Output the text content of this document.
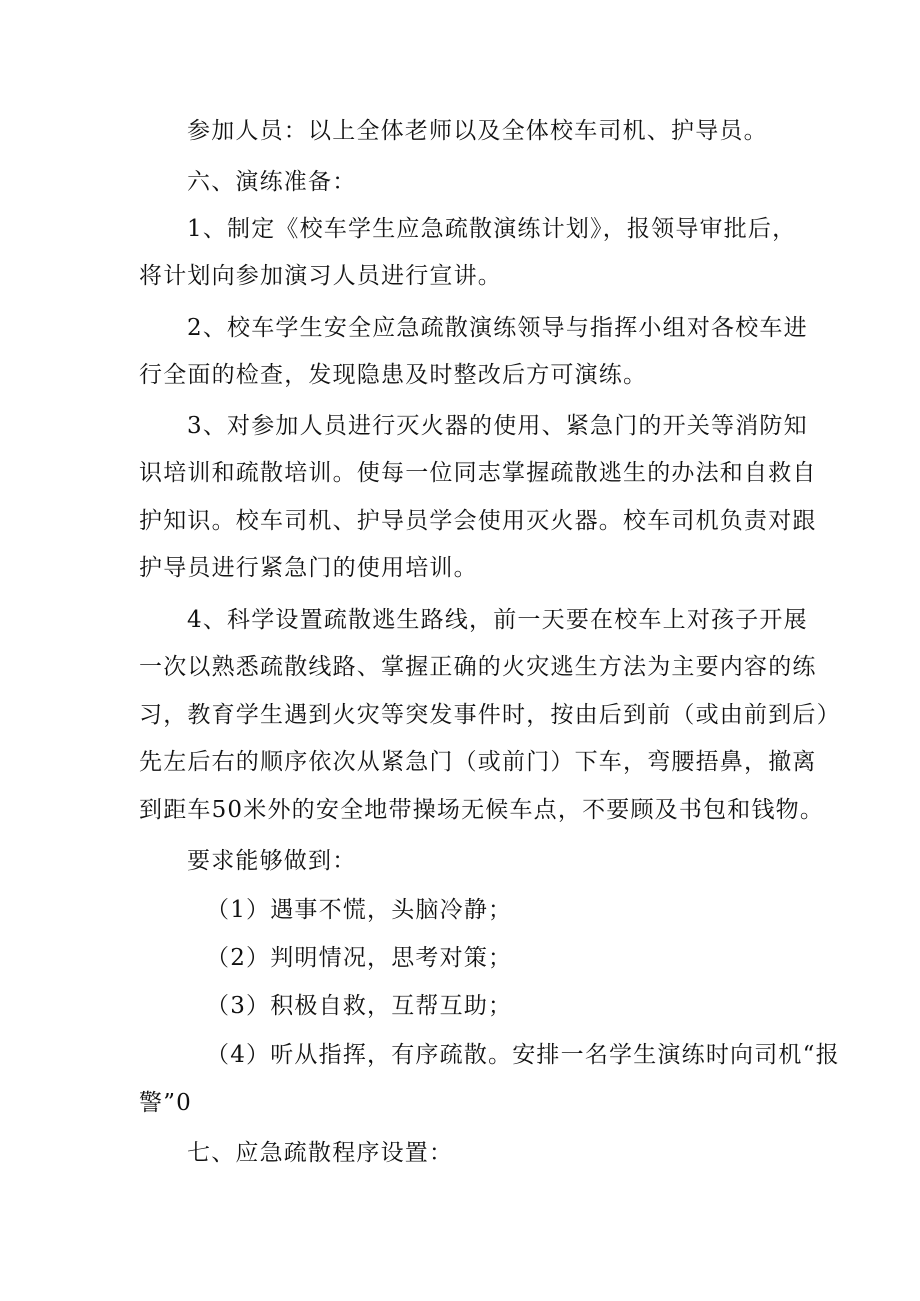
参加人员：以上全体老师以及全体校车司机、护导员。
六、演练准备：
1、制定《校车学生应急疏散演练计划》，报领导审批后，
将计划向参加演习人员进行宣讲。
2、校车学生安全应急疏散演练领导与指挥小组对各校车进
行全面的检查，发现隐患及时整改后方可演练。
3、对参加人员进行灭火器的使用、紧急门的开关等消防知
识培训和疏散培训。使每一位同志掌握疏散逃生的办法和自救自
护知识。校车司机、护导员学会使用灭火器。校车司机负责对跟
护导员进行紧急门的使用培训。
4、科学设置疏散逃生路线，前一天要在校车上对孩子开展
一次以熟悉疏散线路、掌握正确的火灾逃生方法为主要内容的练
习，教育学生遇到火灾等突发事件时，按由后到前（或由前到后）
先左后右的顺序依次从紧急门（或前门）下车，弯腰捂鼻，撤离
到距车50米外的安全地带操场无候车点，不要顾及书包和钱物。
要求能够做到：
（1）遇事不慌，头脑冷静；
（2）判明情况，思考对策；
（3）积极自救，互帮互助；
（4）听从指挥，有序疏散。安排一名学生演练时向司机“报
警”0
七、应急疏散程序设置：
